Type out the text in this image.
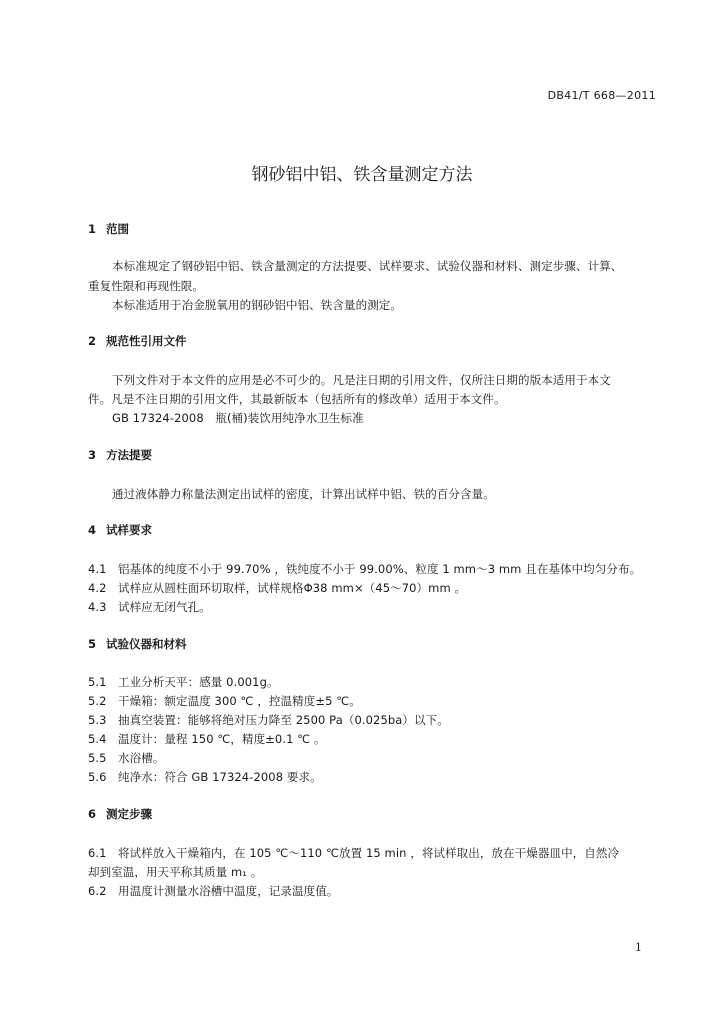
DB41/T 668—2011
钢砂铝中铝、铁含量测定方法
1 范围
本标准规定了钢砂铝中铝、铁含量测定的方法提要、试样要求、试验仪器和材料、测定步骤、计算、
重复性限和再现性限。
本标准适用于冶金脱氧用的钢砂铝中铝、铁含量的测定。
2 规范性引用文件
下列文件对于本文件的应用是必不可少的。凡是注日期的引用文件，仅所注日期的版本适用于本文
件。凡是不注日期的引用文件，其最新版本（包括所有的修改单）适用于本文件。
GB 17324-2008　瓶(桶)装饮用纯净水卫生标准
3 方法提要
通过液体静力称量法测定出试样的密度，计算出试样中铝、铁的百分含量。
4 试样要求
4.1 铝基体的纯度不小于 99.70% ，铁纯度不小于 99.00%、粒度 1 mm～3 mm 且在基体中均匀分布。
4.2 试样应从圆柱面环切取样，试样规格Φ38 mm×（45～70）mm 。
4.3 试样应无闭气孔。
5 试验仪器和材料
5.1 工业分析天平：感量 0.001g。
5.2 干燥箱：额定温度 300 ℃ ，控温精度±5 ℃。
5.3 抽真空装置：能够将绝对压力降至 2500 Pa（0.025ba）以下。
5.4 温度计：量程 150 ℃，精度±0.1 ℃ 。
5.5 水浴槽。
5.6 纯净水：符合 GB 17324-2008 要求。
6 测定步骤
6.1 将试样放入干燥箱内，在 105 ℃～110 ℃放置 15 min ，将试样取出，放在干燥器皿中，自然冷
却到室温，用天平称其质量 m₁ 。
6.2 用温度计测量水浴槽中温度，记录温度值。
1
